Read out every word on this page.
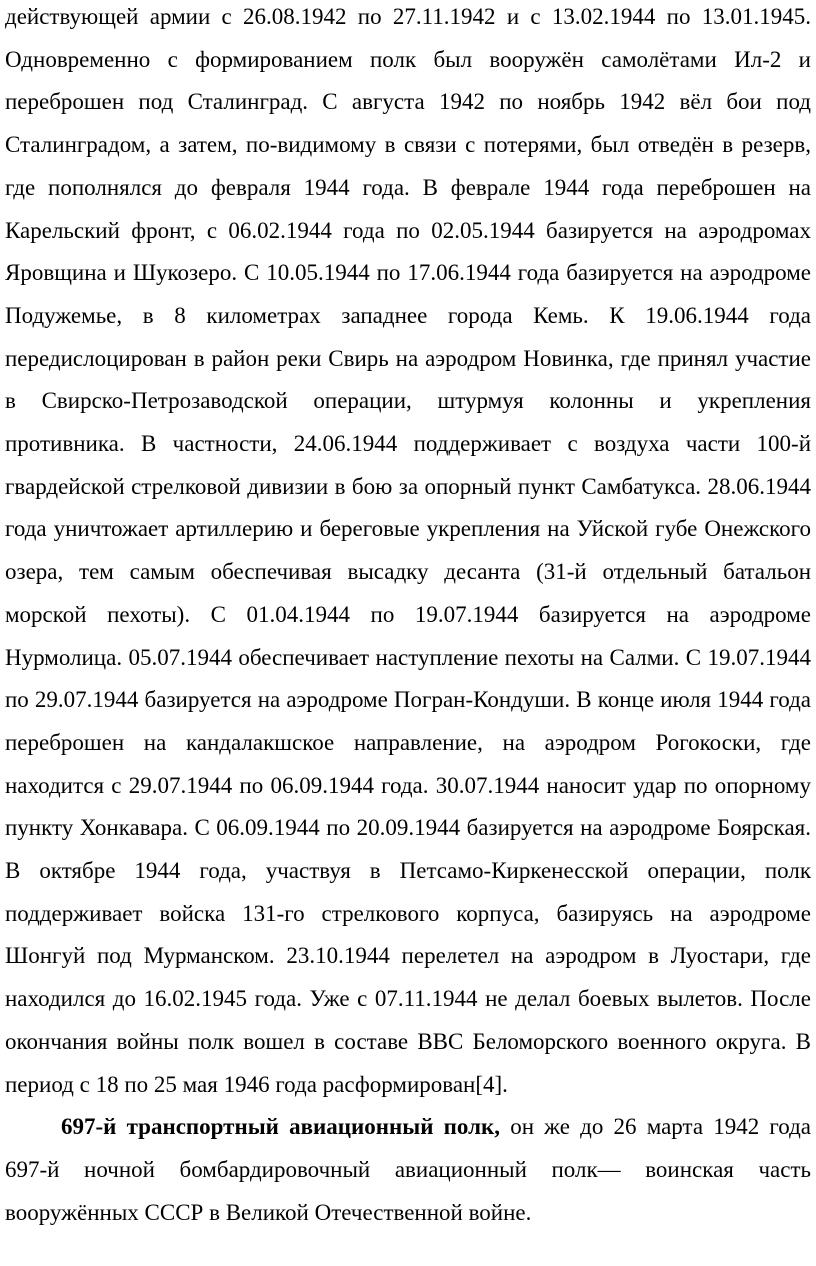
действующей армии с 26.08.1942 по 27.11.1942 и с 13.02.1944 по 13.01.1945. Одновременно с формированием полк был вооружён самолётами Ил-2 и переброшен под Сталинград. С августа 1942 по ноябрь 1942 вёл бои под Сталинградом, а затем, по-видимому в связи с потерями, был отведён в резерв, где пополнялся до февраля 1944 года. В феврале 1944 года переброшен на Карельский фронт, с 06.02.1944 года по 02.05.1944 базируется на аэродромах Яровщина и Шукозеро. С 10.05.1944 по 17.06.1944 года базируется на аэродроме Подужемье, в 8 километрах западнее города Кемь. К 19.06.1944 года передислоцирован в район реки Свирь на аэродром Новинка, где принял участие в Свирско-Петрозаводской операции, штурмуя колонны и укрепления противника. В частности, 24.06.1944 поддерживает с воздуха части 100-й гвардейской стрелковой дивизии в бою за опорный пункт Самбатукса. 28.06.1944 года уничтожает артиллерию и береговые укрепления на Уйской губе Онежского озера, тем самым обеспечивая высадку десанта (31-й отдельный батальон морской пехоты). С 01.04.1944 по 19.07.1944 базируется на аэродроме Нурмолица. 05.07.1944 обеспечивает наступление пехоты на Салми. С 19.07.1944 по 29.07.1944 базируется на аэродроме Погран-Кондуши. В конце июля 1944 года переброшен на кандалакшское направление, на аэродром Рогокоски, где находится с 29.07.1944 по 06.09.1944 года. 30.07.1944 наносит удар по опорному пункту Хонкавара. С 06.09.1944 по 20.09.1944 базируется на аэродроме Боярская. В октябре 1944 года, участвуя в Петсамо-Киркенесской операции, полк поддерживает войска 131-го стрелкового корпуса, базируясь на аэродроме Шонгуй под Мурманском. 23.10.1944 перелетел на аэродром в Луостари, где находился до 16.02.1945 года. Уже с 07.11.1944 не делал боевых вылетов. После окончания войны полк вошел в составе ВВС Беломорского военного округа. В период с 18 по 25 мая 1946 года расформирован[4].

697-й транспортный авиационный полк, он же до 26 марта 1942 года 697-й ночной бомбардировочный авиационный полк— воинская часть вооружённых СССР в Великой Отечественной войне.
